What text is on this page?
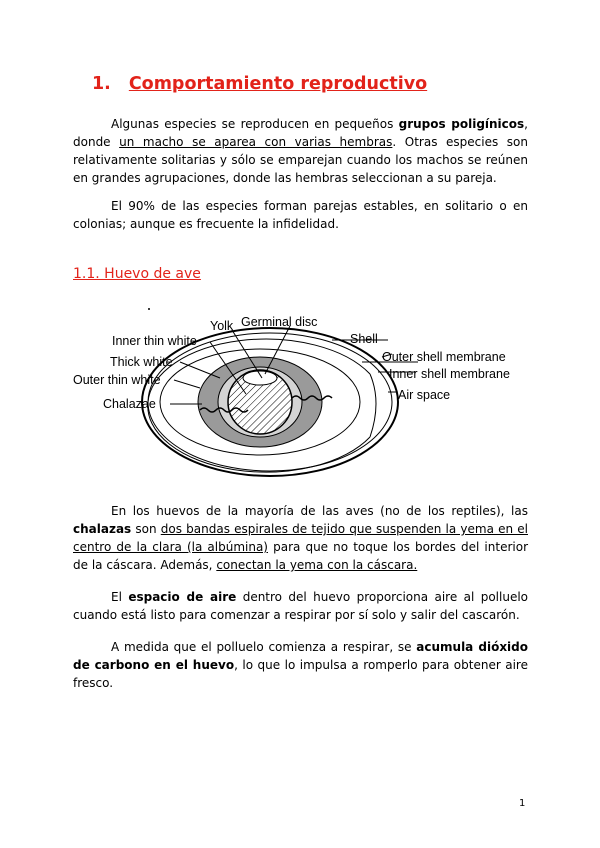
1. Comportamiento reproductivo

Algunas especies se reproducen en pequeños grupos poligínicos, donde un macho se aparea con varias hembras. Otras especies son relativamente solitarias y sólo se emparejan cuando los machos se reúnen en grandes agrupaciones, donde las hembras seleccionan a su pareja.

El 90% de las especies forman parejas estables, en solitario o en colonias; aunque es frecuente la infidelidad.

1.1. Huevo de ave
Yolk Germinal disc
Shell
Inner thin white
Thick white
Outer thin white
Chalazae
Outer shell membrane
Inner shell membrane
Air space

En los huevos de la mayoría de las aves (no de los reptiles), las chalazas son dos bandas espirales de tejido que suspenden la yema en el centro de la clara (la albúmina) para que no toque los bordes del interior de la cáscara. Además, conectan la yema con la cáscara.

El espacio de aire dentro del huevo proporciona aire al polluelo cuando está listo para comenzar a respirar por sí solo y salir del cascarón.

A medida que el polluelo comienza a respirar, se acumula dióxido de carbono en el huevo, lo que lo impulsa a romperlo para obtener aire fresco.

1
